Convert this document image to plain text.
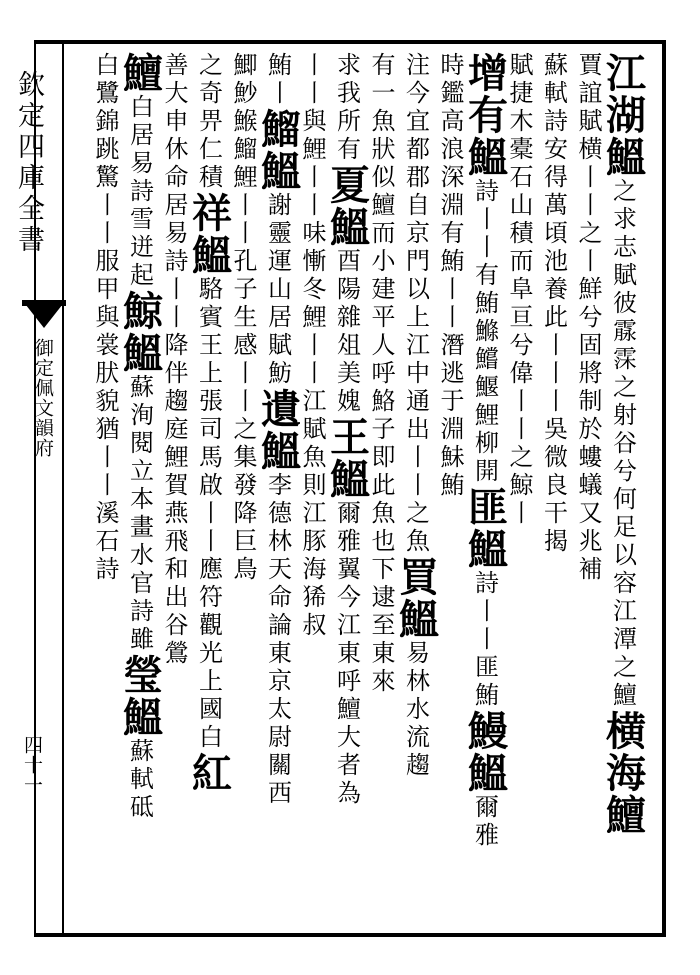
欽定四庫全書
御定佩文韻府
四十一
江湖鰮之求志賦彼霡霂之射谷兮何足以容江潭之鱣横海鱣
賈誼賦横丨丨之丨鮮兮固將制於螻蟻又兆補
蘇軾詩安得萬頃池養此丨丨丨吳微良干揭
賦捷木橐石山積而阜亘兮偉丨丨之鯨丨
增有鰮詩丨丨有鮪鰷鱨鰋鯉柳開匪鰮詩丨丨匪鮪鰻鰮爾雅
時鑑高浪深淵有鮪丨丨潛逃于淵鮇鮪
注今宜都郡自京門以上江中通出丨丨之魚買鰮易林水流趨
有一魚狀似鱣而小建平人呼鮥子即此魚也下逮至東來
求我所有夏鰮酉陽雜俎美媿王鰮爾雅翼今江東呼鱣大者為
丨丨與鯉丨丨味慚冬鯉丨丨江賦魚則江豚海狶叔
鮪丨鰡鰮謝靈運山居賦魴遺鰮李德林天命論東京太尉關西
鯽魦鯸鰡鯉丨丨孔子生感丨丨之集發降巨鳥
之奇畀仁積祥鰮駱賓王上張司馬啟丨丨應符觀光上國白紅
善大申休命居易詩丨丨降伴趨庭鯉賀燕飛和出谷鶯
鱣白居易詩雪迸起鯨鰮蘇洵閱立本畫水官詩雖瑩鰮蘇軾砥
白鷺錦跳驚丨丨服甲與裳肰貌猶丨丨溪石詩
